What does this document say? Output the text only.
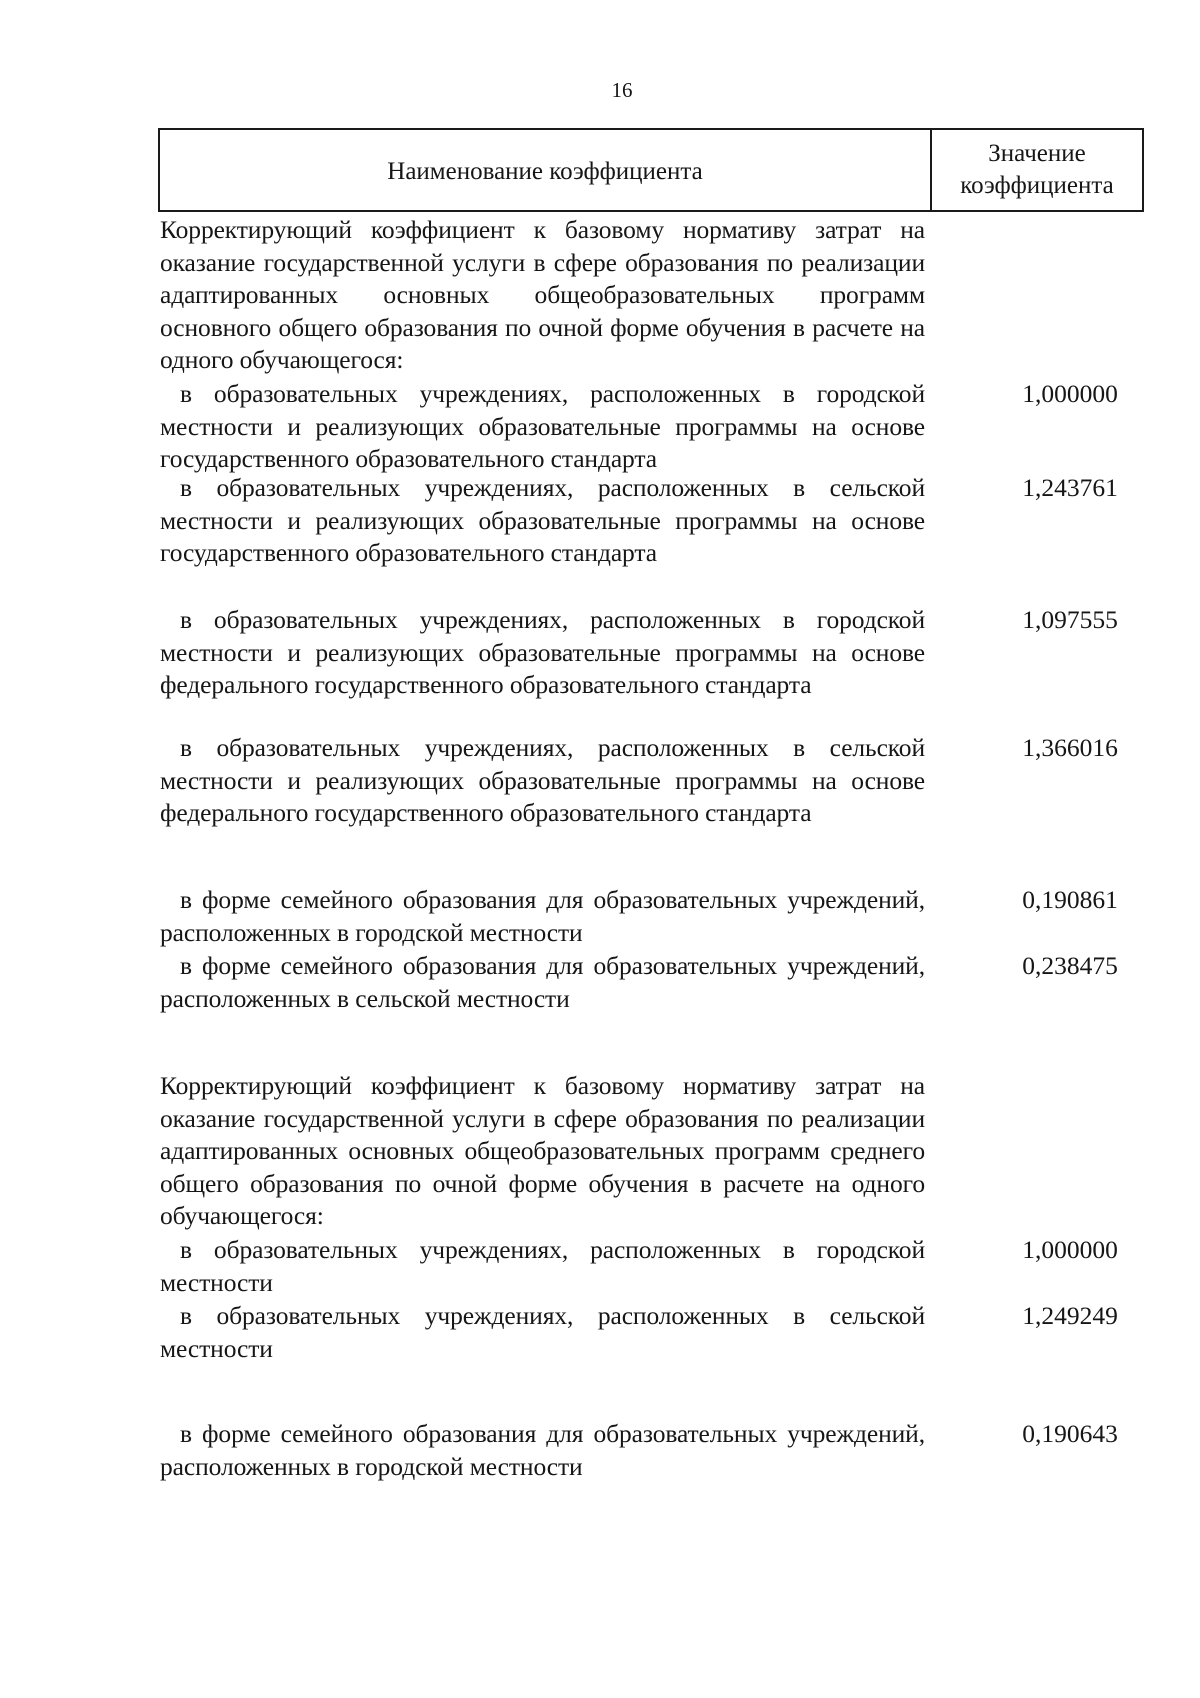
16
Наименование коэффициента
Значение
коэффициента
Корректирующий коэффициент к базовому нормативу затрат на оказание государственной услуги в сфере образования по реализации адаптированных основных общеобразовательных программ основного общего образования по очной форме обучения в расчете на одного обучающегося:
в образовательных учреждениях, расположенных в городской местности и реализующих образовательные программы на основе государственного образовательного стандарта
1,000000
в образовательных учреждениях, расположенных в сельской местности и реализующих образовательные программы на основе государственного образовательного стандарта
1,243761
в образовательных учреждениях, расположенных в городской местности и реализующих образовательные программы на основе федерального государственного образовательного стандарта
1,097555
в образовательных учреждениях, расположенных в сельской местности и реализующих образовательные программы на основе федерального государственного образовательного стандарта
1,366016
в форме семейного образования для образовательных учреждений, расположенных в городской местности
0,190861
в форме семейного образования для образовательных учреждений, расположенных в сельской местности
0,238475
Корректирующий коэффициент к базовому нормативу затрат на оказание государственной услуги в сфере образования по реализации адаптированных основных общеобразовательных программ среднего общего образования по очной форме обучения в расчете на одного обучающегося:
в образовательных учреждениях, расположенных в городской местности
1,000000
в образовательных учреждениях, расположенных в сельской местности
1,249249
в форме семейного образования для образовательных учреждений, расположенных в городской местности
0,190643
